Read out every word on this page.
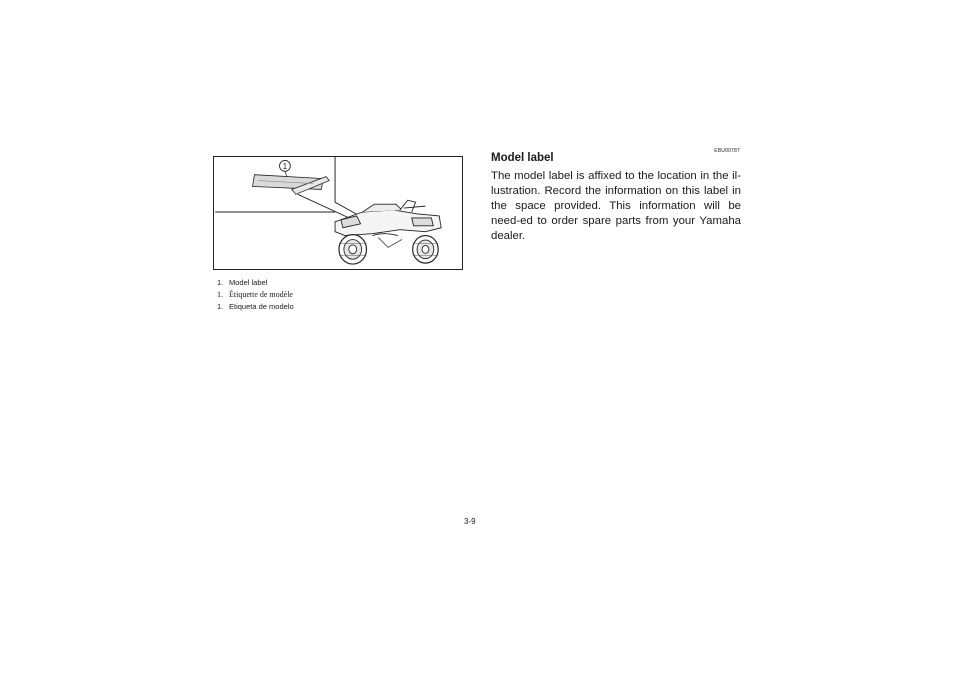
1
1. Model label
1. Étiquette de modèle
1. Etiqueta de modelo
EBU00787
Model label

The model label is affixed to the location in the il-lustration. Record the information on this label in the space provided. This information will be need-ed to order spare parts from your Yamaha dealer.

3-9
